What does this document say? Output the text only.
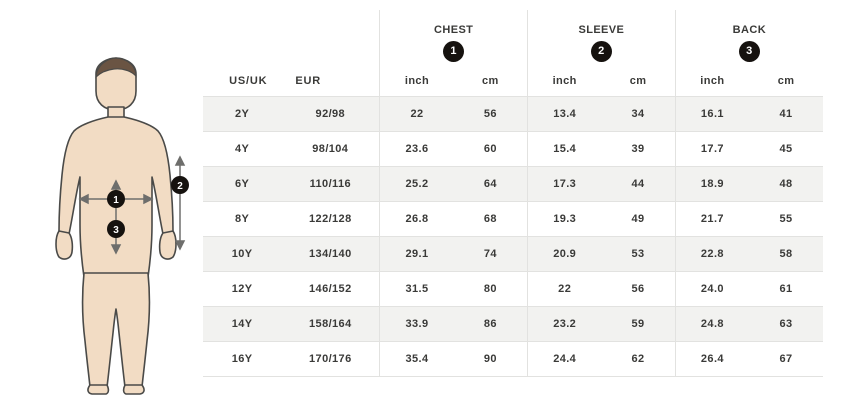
1
2
3
		CHEST		SLEEVE		BACK	
		1		2		3	
US/UK	EUR	inch	cm	inch	cm	inch	cm
2Y	92/98	22	56	13.4	34	16.1	41
4Y	98/104	23.6	60	15.4	39	17.7	45
6Y	110/116	25.2	64	17.3	44	18.9	48
8Y	122/128	26.8	68	19.3	49	21.7	55
10Y	134/140	29.1	74	20.9	53	22.8	58
12Y	146/152	31.5	80	22	56	24.0	61
14Y	158/164	33.9	86	23.2	59	24.8	63
16Y	170/176	35.4	90	24.4	62	26.4	67
